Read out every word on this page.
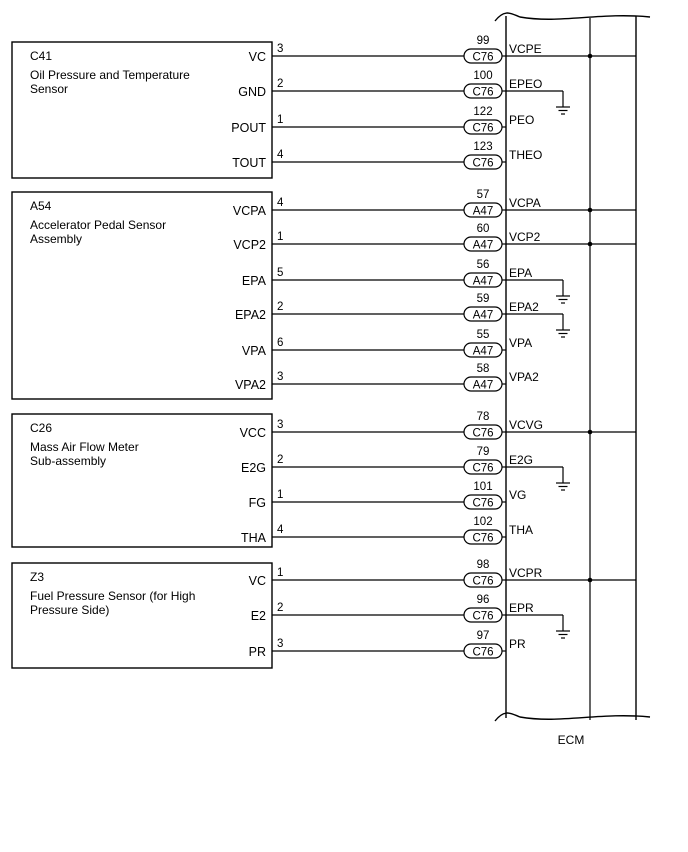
ECM
C41
Oil Pressure and Temperature
Sensor
VC
3
99
C76
VCPE
GND
2
100
C76
EPEO
POUT
1
122
C76
PEO
TOUT
4
123
C76
THEO
A54
Accelerator Pedal Sensor
Assembly
VCPA
4
57
A47
VCPA
VCP2
1
60
A47
VCP2
EPA
5
56
A47
EPA
EPA2
2
59
A47
EPA2
VPA
6
55
A47
VPA
VPA2
3
58
A47
VPA2
C26
Mass Air Flow Meter
Sub-assembly
VCC
3
78
C76
VCVG
E2G
2
79
C76
E2G
FG
1
101
C76
VG
THA
4
102
C76
THA
Z3
Fuel Pressure Sensor (for High
Pressure Side)
VC
1
98
C76
VCPR
E2
2
96
C76
EPR
PR
3
97
C76
PR
